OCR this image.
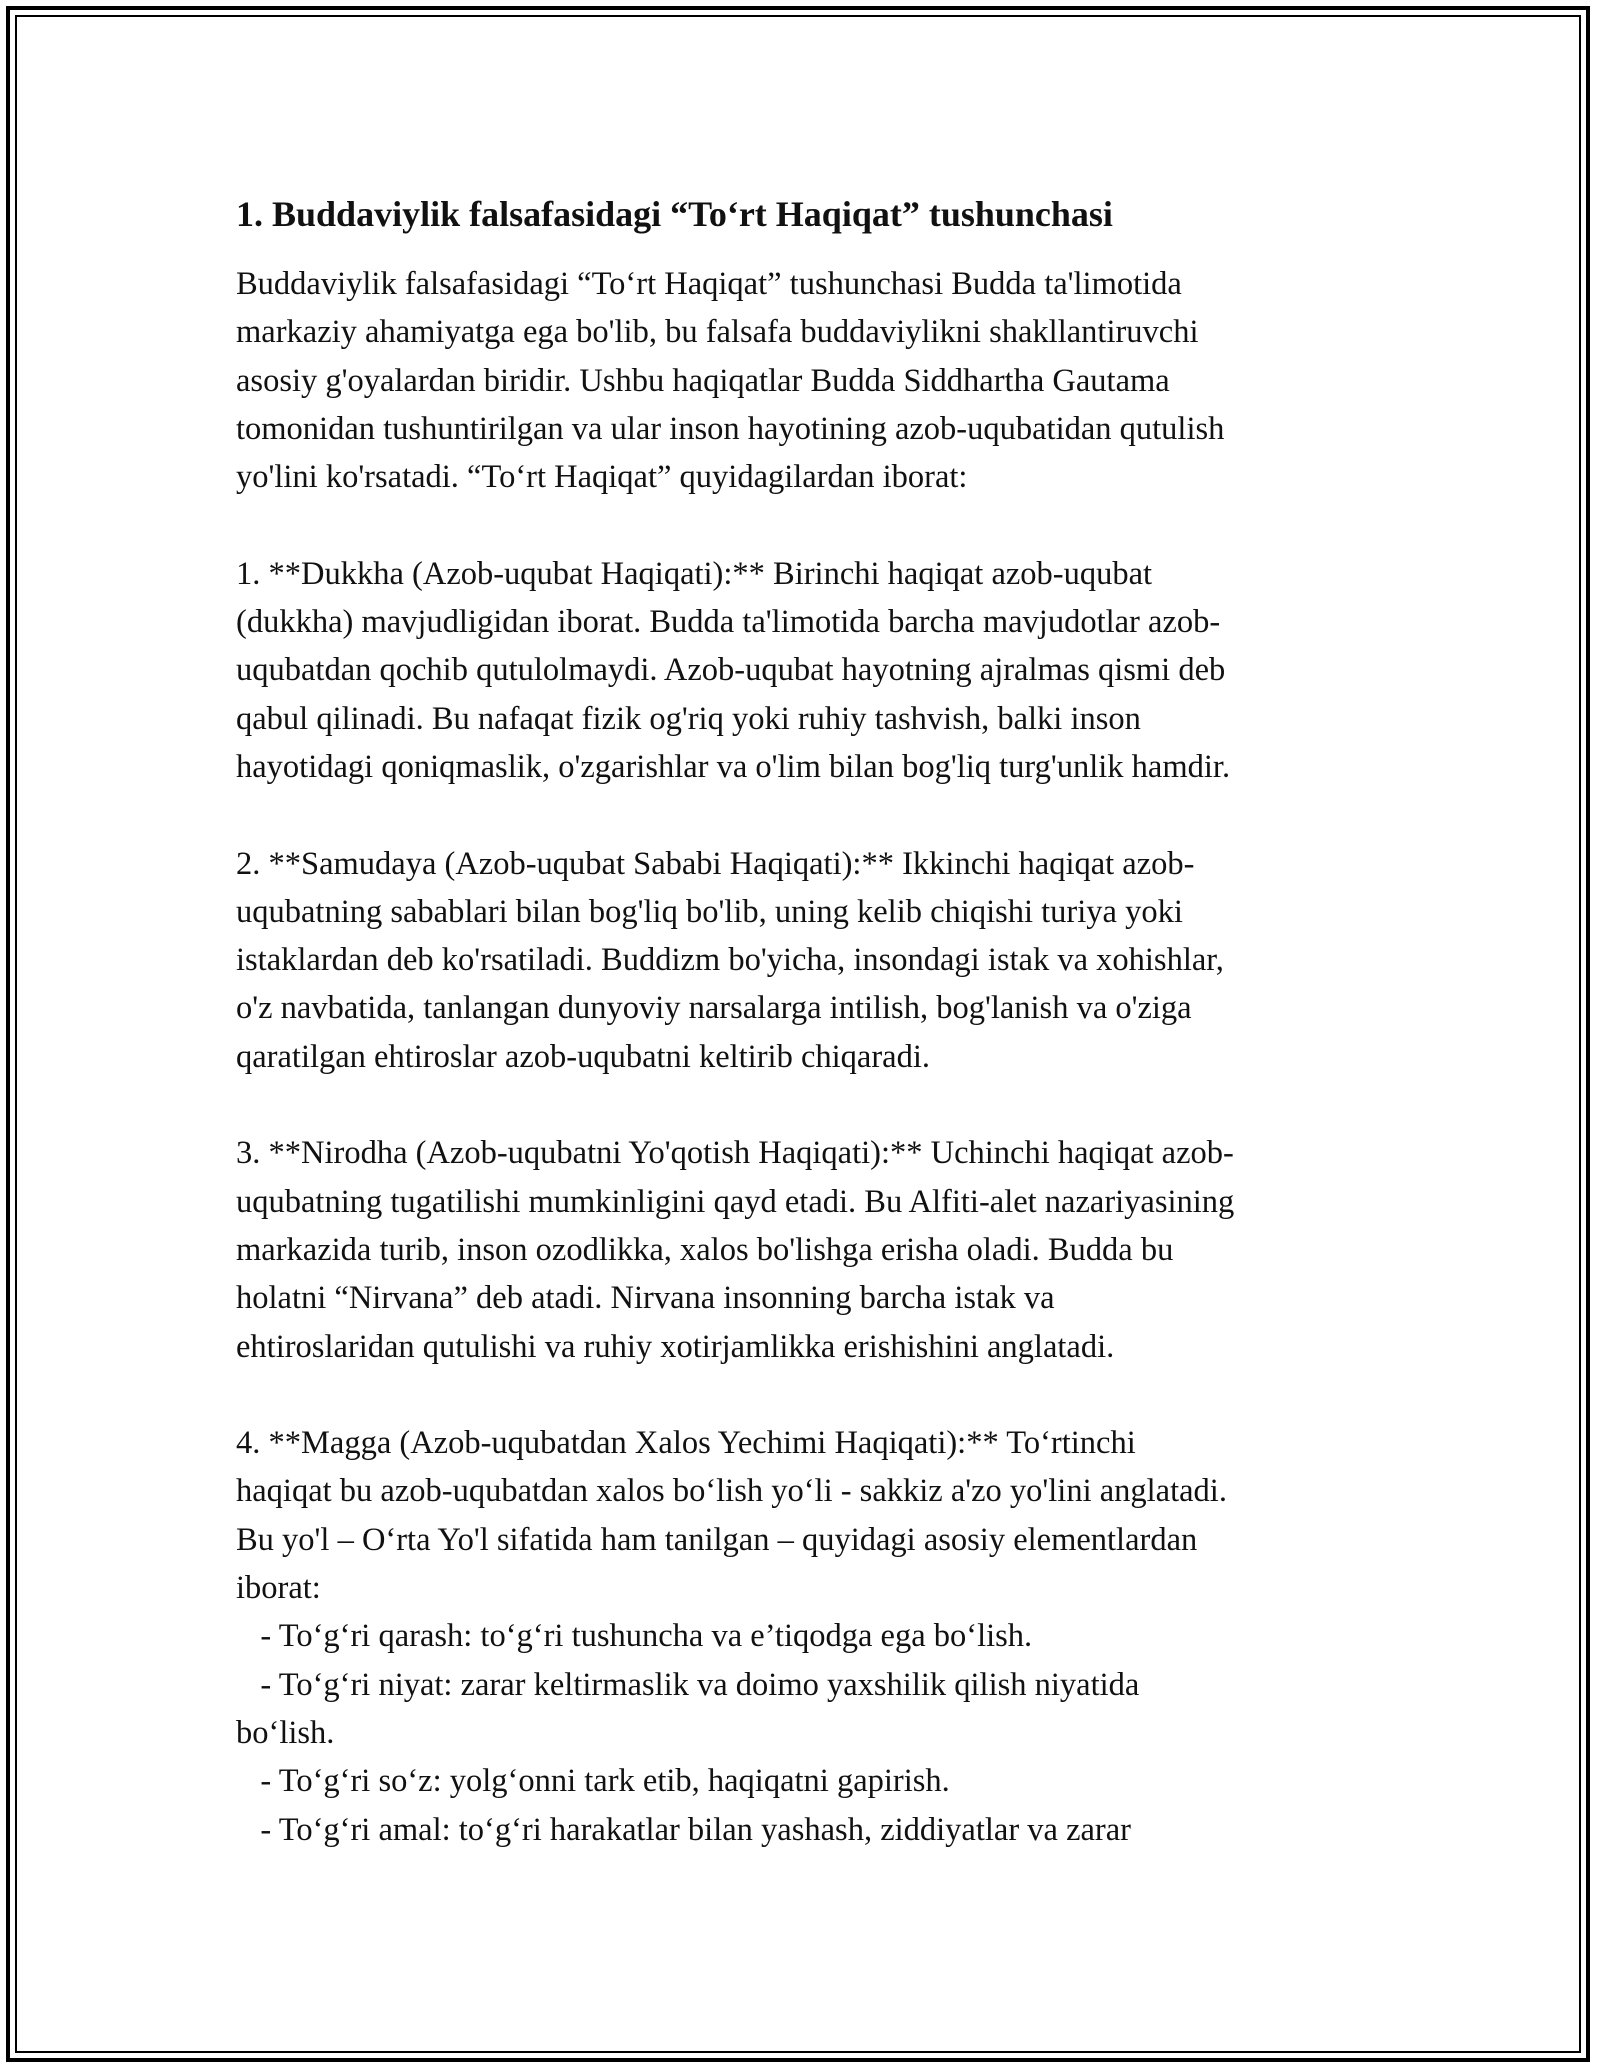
1. Buddaviylik falsafasidagi “To‘rt Haqiqat” tushunchasi
Buddaviylik falsafasidagi “To‘rt Haqiqat” tushunchasi Budda ta'limotida
markaziy ahamiyatga ega bo'lib, bu falsafa buddaviylikni shakllantiruvchi
asosiy g'oyalardan biridir. Ushbu haqiqatlar Budda Siddhartha Gautama
tomonidan tushuntirilgan va ular inson hayotining azob-uqubatidan qutulish
yo'lini ko'rsatadi. “To‘rt Haqiqat” quyidagilardan iborat:
1. **Dukkha (Azob-uqubat Haqiqati):** Birinchi haqiqat azob-uqubat
(dukkha) mavjudligidan iborat. Budda ta'limotida barcha mavjudotlar azob-
uqubatdan qochib qutulolmaydi. Azob-uqubat hayotning ajralmas qismi deb
qabul qilinadi. Bu nafaqat fizik og'riq yoki ruhiy tashvish, balki inson
hayotidagi qoniqmaslik, o'zgarishlar va o'lim bilan bog'liq turg'unlik hamdir.
2. **Samudaya (Azob-uqubat Sababi Haqiqati):** Ikkinchi haqiqat azob-
uqubatning sabablari bilan bog'liq bo'lib, uning kelib chiqishi turiya yoki
istaklardan deb ko'rsatiladi. Buddizm bo'yicha, insondagi istak va xohishlar,
o'z navbatida, tanlangan dunyoviy narsalarga intilish, bog'lanish va o'ziga
qaratilgan ehtiroslar azob-uqubatni keltirib chiqaradi.
3. **Nirodha (Azob-uqubatni Yo'qotish Haqiqati):** Uchinchi haqiqat azob-
uqubatning tugatilishi mumkinligini qayd etadi. Bu Alfiti-alet nazariyasining
markazida turib, inson ozodlikka, xalos bo'lishga erisha oladi. Budda bu
holatni “Nirvana” deb atadi. Nirvana insonning barcha istak va
ehtiroslaridan qutulishi va ruhiy xotirjamlikka erishishini anglatadi.
4. **Magga (Azob-uqubatdan Xalos Yechimi Haqiqati):** To‘rtinchi
haqiqat bu azob-uqubatdan xalos bo‘lish yo‘li - sakkiz a'zo yo'lini anglatadi.
Bu yo'l – O‘rta Yo'l sifatida ham tanilgan – quyidagi asosiy elementlardan
iborat:
- To‘g‘ri qarash: to‘g‘ri tushuncha va e’tiqodga ega bo‘lish.
- To‘g‘ri niyat: zarar keltirmaslik va doimo yaxshilik qilish niyatida
bo‘lish.
- To‘g‘ri so‘z: yolg‘onni tark etib, haqiqatni gapirish.
- To‘g‘ri amal: to‘g‘ri harakatlar bilan yashash, ziddiyatlar va zarar
